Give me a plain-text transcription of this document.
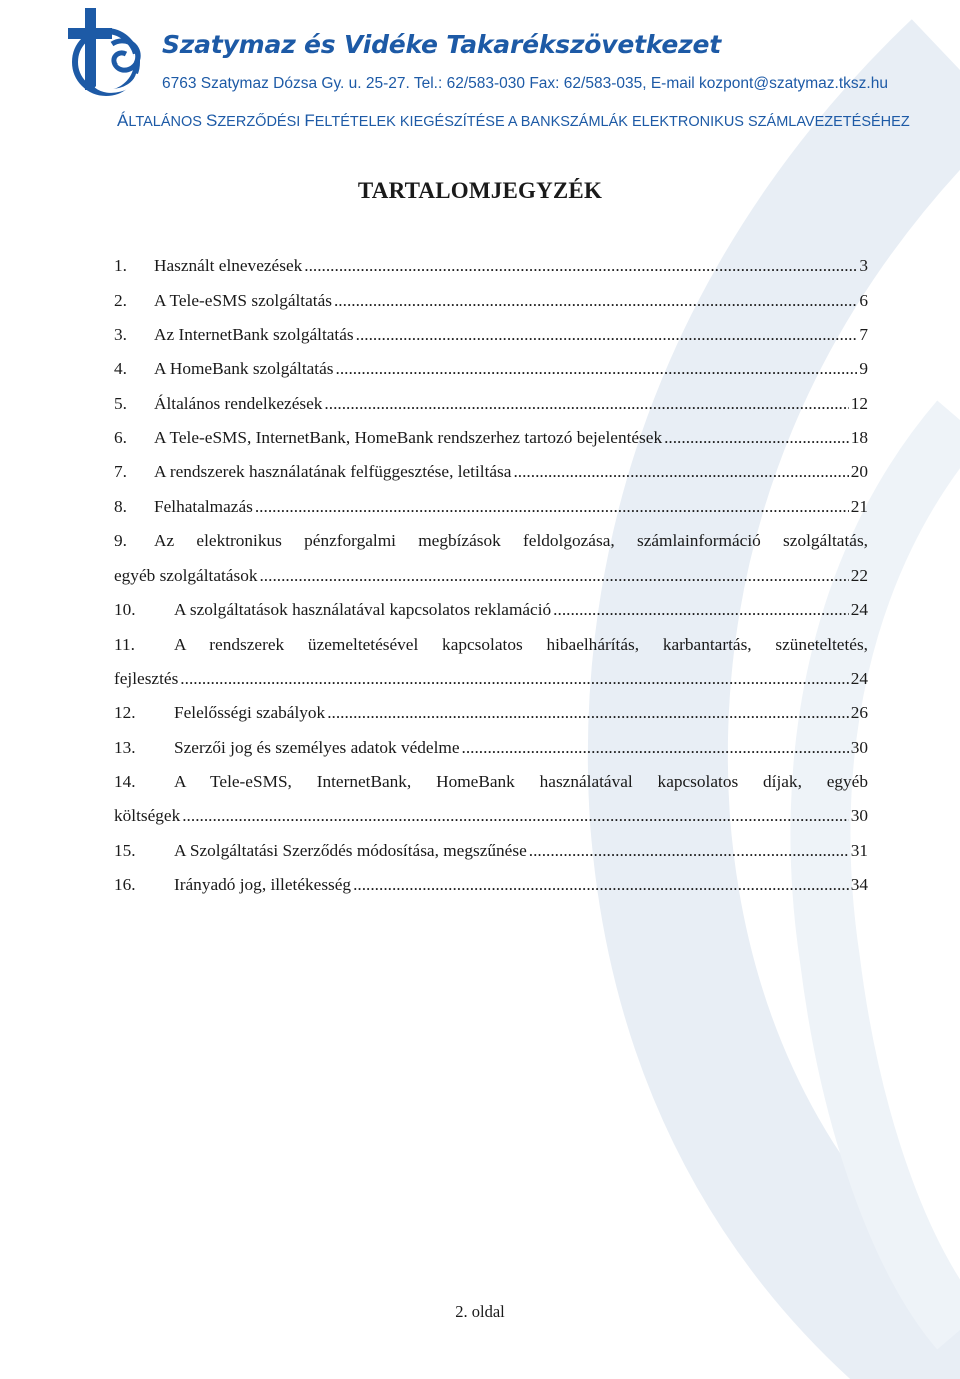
Szatymaz és Vidéke Takarékszövetkezet
6763 Szatymaz Dózsa Gy. u. 25-27. Tel.: 62/583-030 Fax: 62/583-035, E-mail kozpont@szatymaz.tksz.hu
ÁLTALÁNOS SZERZŐDÉSI FELTÉTELEK KIEGÉSZÍTÉSE A BANKSZÁMLÁK ELEKTRONIKUS SZÁMLAVEZETÉSÉHEZ
TARTALOMJEGYZÉK
1.	Használt elnevezések .....	3
2.	A Tele-eSMS szolgáltatás .....	6
3.	Az InternetBank szolgáltatás .....	7
4.	A HomeBank szolgáltatás .....	9
5.	Általános rendelkezések .....	12
6.	A Tele-eSMS, InternetBank, HomeBank rendszerhez tartozó bejelentések .....	18
7.	A rendszerek használatának felfüggesztése, letiltása .....	20
8.	Felhatalmazás .....	21
9.	Az elektronikus pénzforgalmi megbízások feldolgozása, számlainformáció szolgáltatás,
egyéb szolgáltatások .....	22
10.	A szolgáltatások használatával kapcsolatos reklamáció .....	24
11.	A rendszerek üzemeltetésével kapcsolatos hibaelhárítás, karbantartás, szüneteltetés,
fejlesztés .....	24
12.	Felelősségi szabályok .....	26
13.	Szerzői jog és személyes adatok védelme .....	30
14.	A Tele-eSMS, InternetBank, HomeBank használatával kapcsolatos díjak, egyéb
költségek .....	30
15.	A Szolgáltatási Szerződés módosítása, megszűnése .....	31
16.	Irányadó jog, illetékesség .....	34
2. oldal
